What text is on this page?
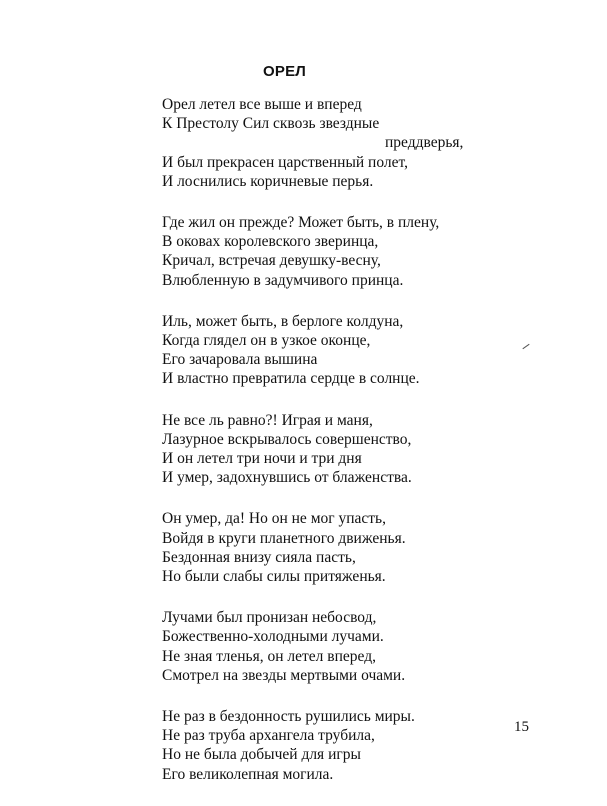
ОРЕЛ
Орел летел все выше и вперед
К Престолу Сил сквозь звездные
преддверья,
И был прекрасен царственный полет,
И лоснились коричневые перья.
Где жил он прежде? Может быть, в плену,
В оковах королевского зверинца,
Кричал, встречая девушку-весну,
Влюбленную в задумчивого принца.
Иль, может быть, в берлоге колдуна,
Когда глядел он в узкое оконце,
Его зачаровала вышина
И властно превратила сердце в солнце.
Не все ль равно?! Играя и маня,
Лазурное вскрывалось совершенство,
И он летел три ночи и три дня
И умер, задохнувшись от блаженства.
Он умер, да! Но он не мог упасть,
Войдя в круги планетного движенья.
Бездонная внизу сияла пасть,
Но были слабы силы притяженья.
Лучами был пронизан небосвод,
Божественно-холодными лучами.
Не зная тленья, он летел вперед,
Смотрел на звезды мертвыми очами.
Не раз в бездонность рушились миры.
Не раз труба архангела трубила,
Но не была добычей для игры
Его великолепная могила.
15
